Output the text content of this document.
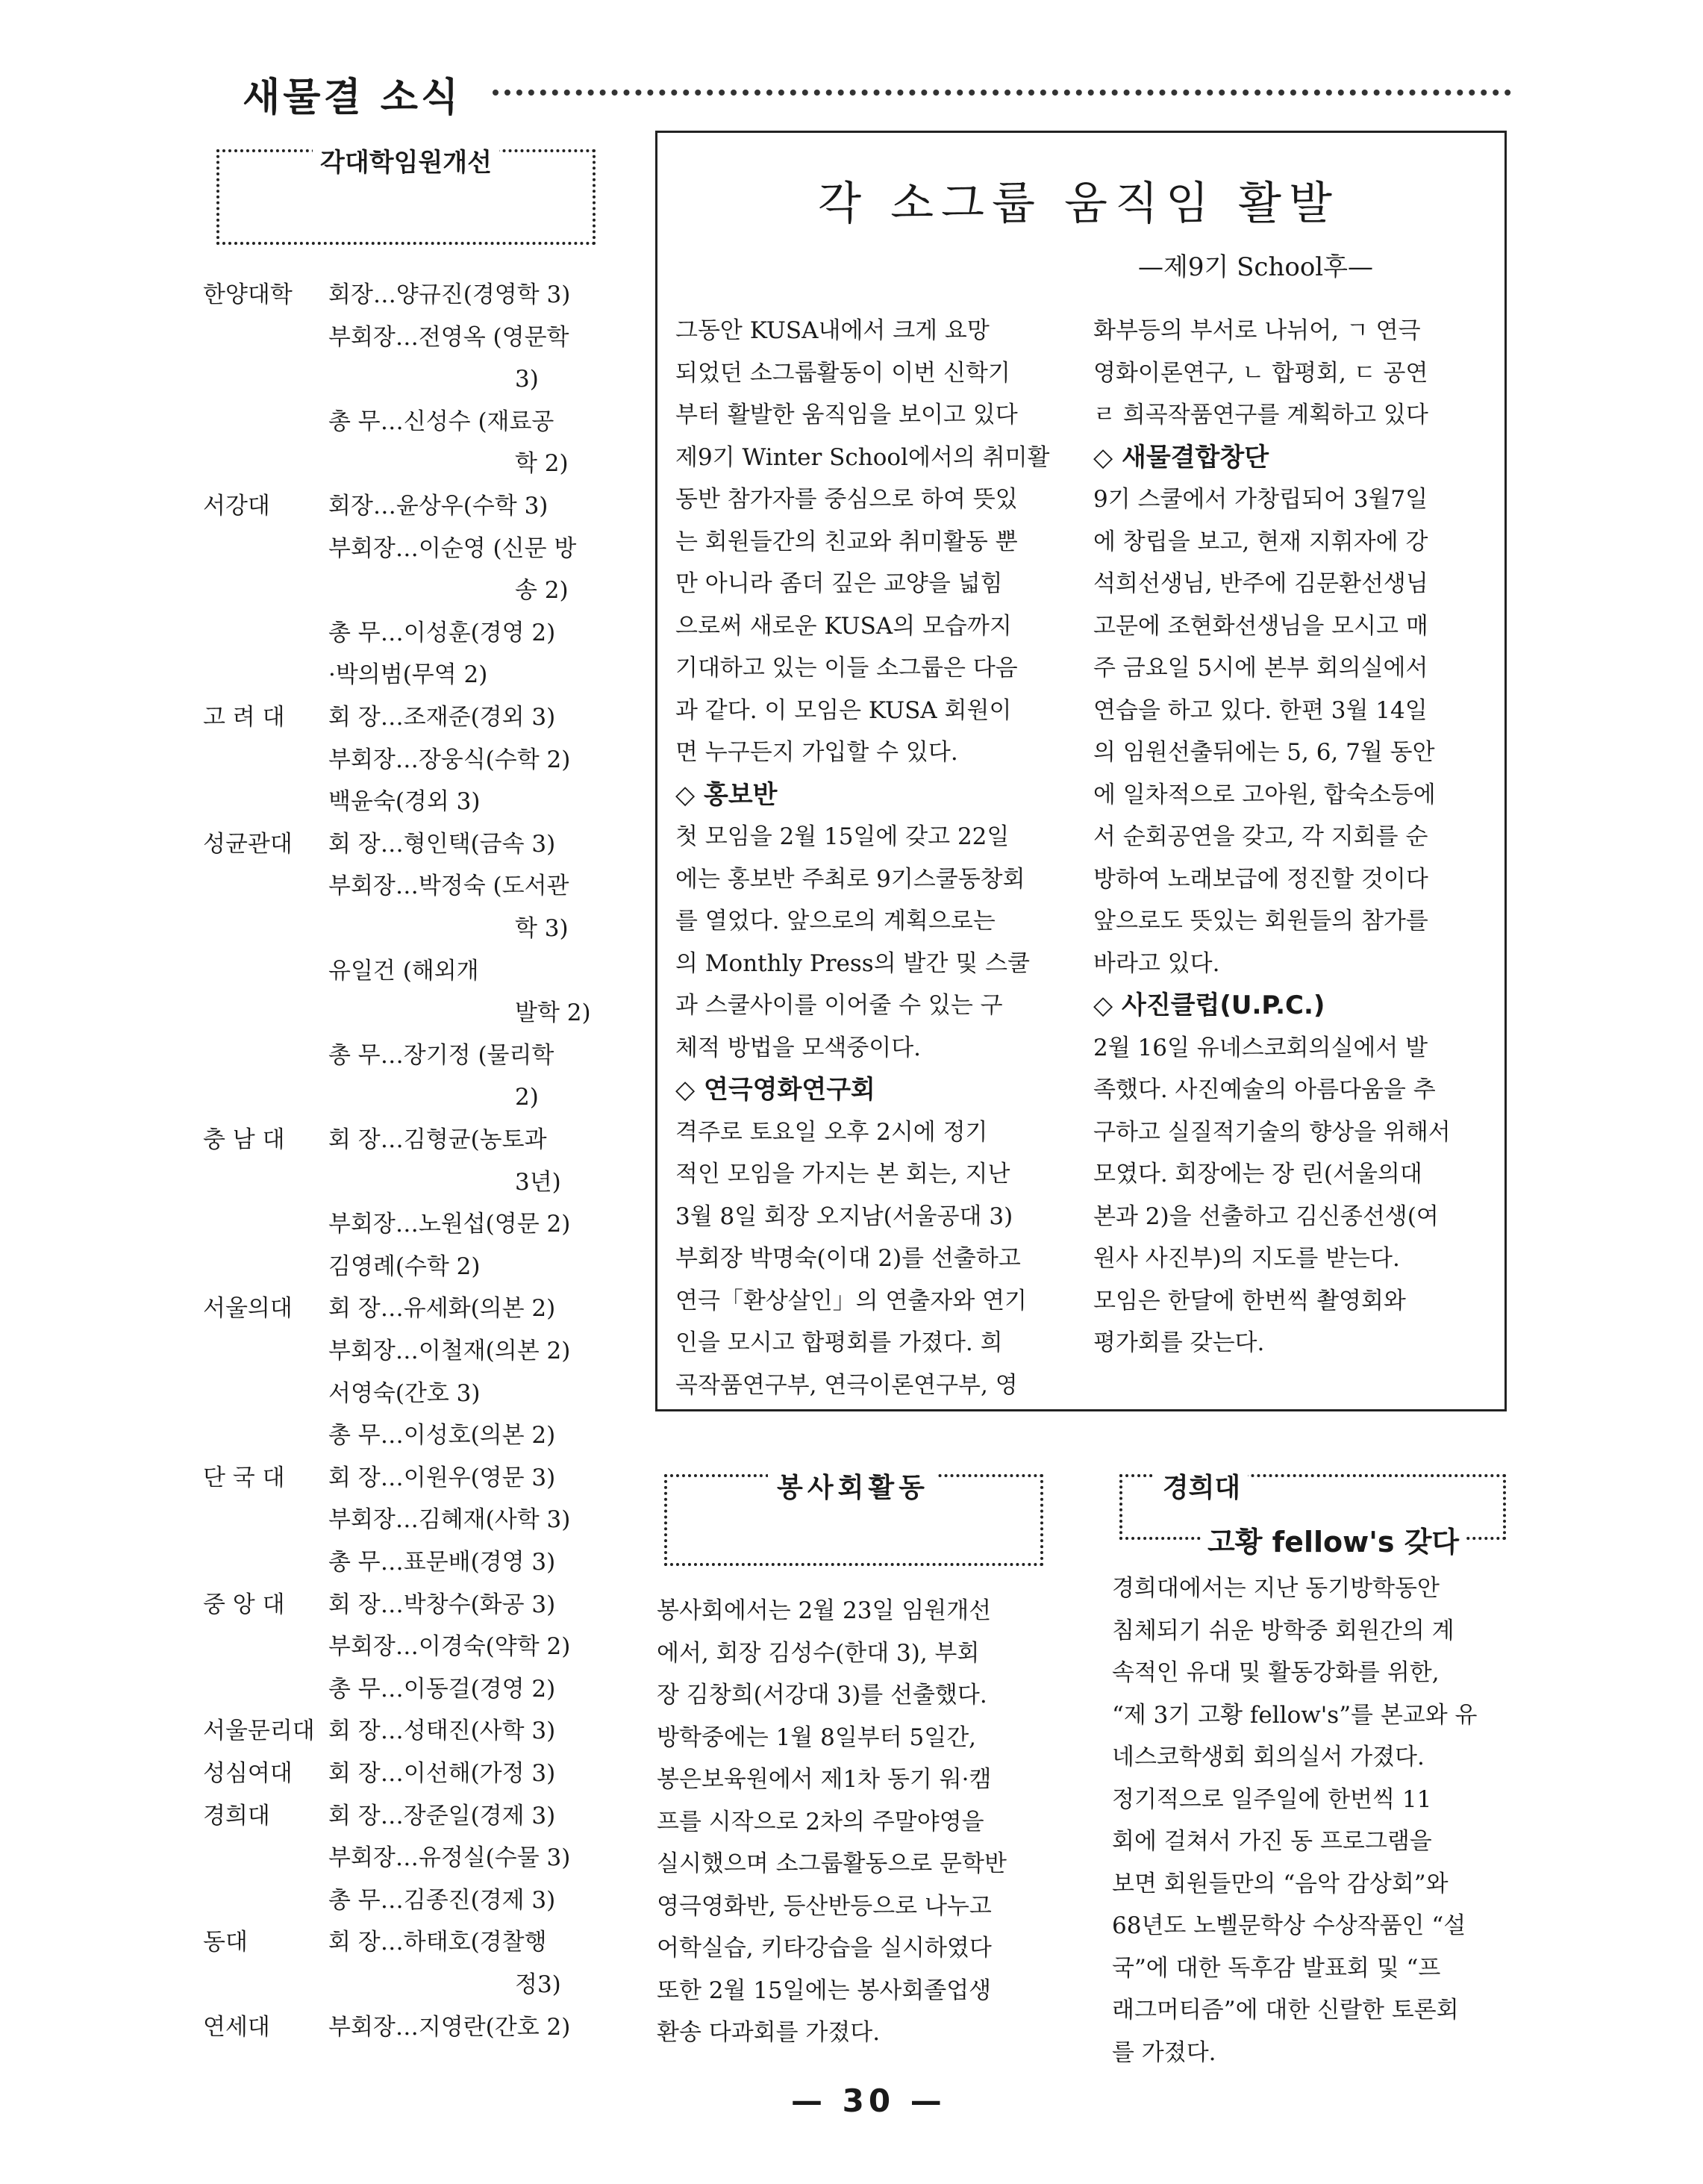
새물결 소식
각대학임원개선
한양대학 회장…양규진(경영학 3)
부회장…전영옥 (영문학
3)
총 무…신성수 (재료공
학 2)
서강대	회장…윤상우(수학 3)
부회장…이순영 (신문 방
송 2)
총 무…이성훈(경영 2)
·박의범(무역 2)
고 려 대 회 장…조재준(경외 3)
부회장…장웅식(수학 2)
백윤숙(경외 3)
성균관대 회 장…형인택(금속 3)
부회장…박정숙 (도서관
학 3)
유일건 (해외개
발학 2)
총 무…장기정 (물리학
2)
충 남 대 회 장…김형균(농토과
3년)
부회장…노원섭(영문 2)
김영례(수학 2)
서울의대 회 장…유세화(의본 2)
부회장…이철재(의본 2)
서영숙(간호 3)
총 무…이성호(의본 2)
단 국 대 회 장…이원우(영문 3)
부회장…김혜재(사학 3)
총 무…표문배(경영 3)
중 앙 대 회 장…박창수(화공 3)
부회장…이경숙(약학 2)
총 무…이동걸(경영 2)
서울문리대 회 장…성태진(사학 3)
성심여대 회 장…이선해(가정 3)
경희대	회 장…장준일(경제 3)
부회장…유정실(수물 3)
총 무…김종진(경제 3)
동대	회 장…하태호(경찰행
정3)
연세대	부회장…지영란(간호 2)
각 소그룹 움직임 활발
—제9기 School후—
그동안 KUSA내에서 크게 요망
되었던 소그룹활동이 이번 신학기
부터 활발한 움직임을 보이고 있다
제9기 Winter School에서의 취미활
동반 참가자를 중심으로 하여 뜻있
는 회원들간의 친교와 취미활동 뿐
만 아니라 좀더 깊은 교양을 넓힘
으로써 새로운 KUSA의 모습까지
기대하고 있는 이들 소그룹은 다음
과 같다. 이 모임은 KUSA 회원이
면 누구든지 가입할 수 있다.
◇ 홍보반
첫 모임을 2월 15일에 갖고 22일
에는 홍보반 주최로 9기스쿨동창회
를 열었다. 앞으로의 계획으로는
의 Monthly Press의 발간 및 스쿨
과 스쿨사이를 이어줄 수 있는 구
체적 방법을 모색중이다.
◇ 연극영화연구회
격주로 토요일 오후 2시에 정기
적인 모임을 가지는 본 회는, 지난
3월 8일 회장 오지남(서울공대 3)
부회장 박명숙(이대 2)를 선출하고
연극「환상살인」의 연출자와 연기
인을 모시고 합평회를 가졌다. 희
곡작품연구부, 연극이론연구부, 영
화부등의 부서로 나뉘어, ㄱ 연극
영화이론연구, ㄴ 합평회, ㄷ 공연
ㄹ 희곡작품연구를 계획하고 있다
◇ 새물결합창단
9기 스쿨에서 가창립되어 3월7일
에 창립을 보고, 현재 지휘자에 강
석희선생님, 반주에 김문환선생님
고문에 조현화선생님을 모시고 매
주 금요일 5시에 본부 회의실에서
연습을 하고 있다. 한편 3월 14일
의 임원선출뒤에는 5, 6, 7월 동안
에 일차적으로 고아원, 합숙소등에
서 순회공연을 갖고, 각 지회를 순
방하여 노래보급에 정진할 것이다
앞으로도 뜻있는 회원들의 참가를
바라고 있다.
◇ 사진클럽(U.P.C.)
2월 16일 유네스코회의실에서 발
족했다. 사진예술의 아름다움을 추
구하고 실질적기술의 향상을 위해서
모였다. 회장에는 장 린(서울의대
본과 2)을 선출하고 김신종선생(여
원사 사진부)의 지도를 받는다.
모임은 한달에 한번씩 촬영회와
평가회를 갖는다.
봉사회활동
봉사회에서는 2월 23일 임원개선
에서, 회장 김성수(한대 3), 부회
장 김창희(서강대 3)를 선출했다.
방학중에는 1월 8일부터 5일간,
봉은보육원에서 제1차 동기 워·캠
프를 시작으로 2차의 주말야영을
실시했으며 소그룹활동으로 문학반
영극영화반, 등산반등으로 나누고
어학실습, 키타강습을 실시하였다
또한 2월 15일에는 봉사회졸업생
환송 다과회를 가졌다.
경희대
고황 fellow's 갖다
경희대에서는 지난 동기방학동안
침체되기 쉬운 방학중 회원간의 계
속적인 유대 및 활동강화를 위한,
“제 3기 고황 fellow's”를 본교와 유
네스코학생회 회의실서 가졌다.
정기적으로 일주일에 한번씩 11
회에 걸쳐서 가진 동 프로그램을
보면 회원들만의 “음악 감상회”와
68년도 노벨문학상 수상작품인 “설
국”에 대한 독후감 발표회 및 “프
래그머티즘”에 대한 신랄한 토론회
를 가졌다.
— 30 —
